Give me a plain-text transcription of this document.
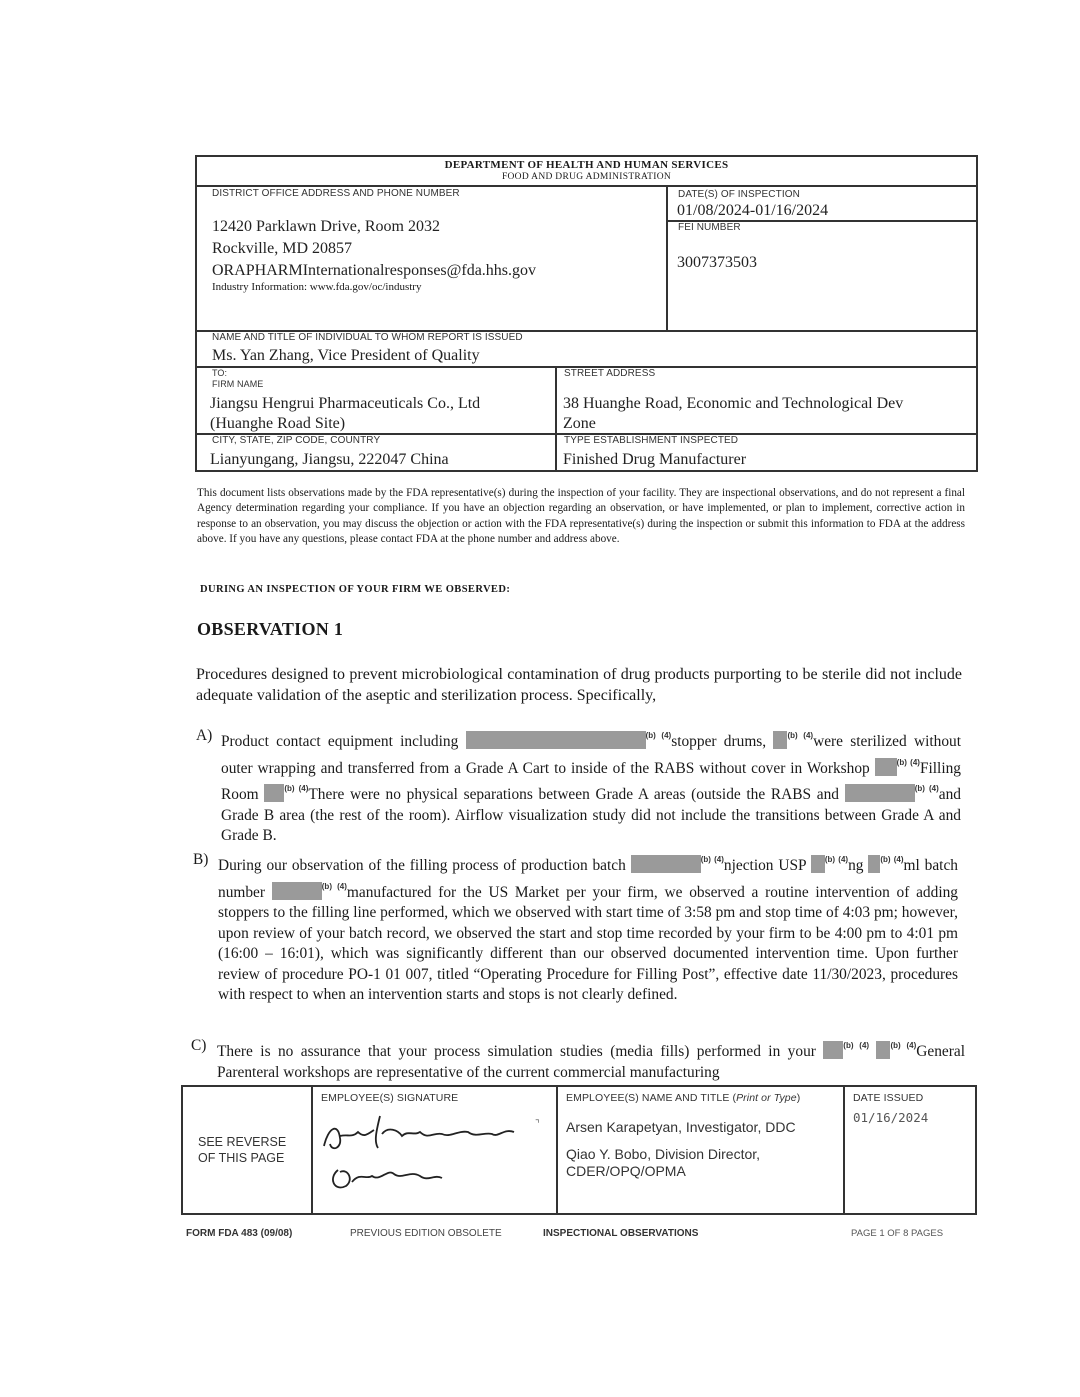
DEPARTMENT OF HEALTH AND HUMAN SERVICES
FOOD AND DRUG ADMINISTRATION
DISTRICT OFFICE ADDRESS AND PHONE NUMBER
12420 Parklawn Drive, Room 2032
Rockville, MD 20857
ORAPHARMInternationalresponses@fda.hhs.gov
Industry Information: www.fda.gov/oc/industry
DATE(S) OF INSPECTION
01/08/2024-01/16/2024
FEI NUMBER
3007373503
NAME AND TITLE OF INDIVIDUAL TO WHOM REPORT IS ISSUED
Ms. Yan Zhang, Vice President of Quality
TO:
FIRM NAME
Jiangsu Hengrui Pharmaceuticals Co., Ltd
(Huanghe Road Site)
STREET ADDRESS
38 Huanghe Road, Economic and Technological Dev
Zone
CITY, STATE, ZIP CODE, COUNTRY
Lianyungang, Jiangsu, 222047 China
TYPE ESTABLISHMENT INSPECTED
Finished Drug Manufacturer
This document lists observations made by the FDA representative(s) during the inspection of your facility. They are inspectional observations, and do not represent a final Agency determination regarding your compliance. If you have an objection regarding an observation, or have implemented, or plan to implement, corrective action in response to an observation, you may discuss the objection or action with the FDA representative(s) during the inspection or submit this information to FDA at the address above. If you have any questions, please contact FDA at the phone number and address above.
DURING AN INSPECTION OF YOUR FIRM WE OBSERVED:
OBSERVATION 1
Procedures designed to prevent microbiological contamination of drug products purporting to be sterile did not include adequate validation of the aseptic and sterilization process. Specifically,
A) Product contact equipment including	$^{(b) (4)}$stopper drums,	$^{(b) (4)}$were sterilized without outer wrapping and transferred from a Grade A Cart to inside of the RABS without cover in Workshop	$^{(b) (4)}$Filling Room	$^{(b) (4)}$There were no physical separations between Grade A areas (outside the RABS and	$^{(b) (4)}$and Grade B area (the rest of the room). Airflow visualization study did not include the transitions between Grade A and Grade B.
B) During our observation of the filling process of production batch	$^{(b) (4)}$njection USP $^{(b) (4)}$ng $^{(b) (4)}$ml batch number	$^{(b) (4)}$manufactured for the US Market per your firm, we observed a routine intervention of adding stoppers to the filling line performed, which we observed with start time of 3:58 pm and stop time of 4:03 pm; however, upon review of your batch record, we observed the start and stop time recorded by your firm to be 4:00 pm to 4:01 pm (16:00 – 16:01), which was significantly different than our observed documented intervention time. Upon further review of procedure PO-1 01 007, titled “Operating Procedure for Filling Post”, effective date 11/30/2023, procedures with respect to when an intervention starts and stops is not clearly defined.
C) There is no assurance that your process simulation studies (media fills) performed in your	$^{(b) (4)}$	$^{(b) (4)}$General Parenteral workshops are representative of the current commercial manufacturing
SEE REVERSE
OF THIS PAGE
EMPLOYEE(S) SIGNATURE
⌝
EMPLOYEE(S) NAME AND TITLE (Print or Type)
Arsen Karapetyan, Investigator, DDC
Qiao Y. Bobo, Division Director,
CDER/OPQ/OPMA
DATE ISSUED
01/16/2024
FORM FDA 483 (09/08)	PREVIOUS EDITION OBSOLETE	INSPECTIONAL OBSERVATIONS	PAGE 1 OF 8 PAGES
